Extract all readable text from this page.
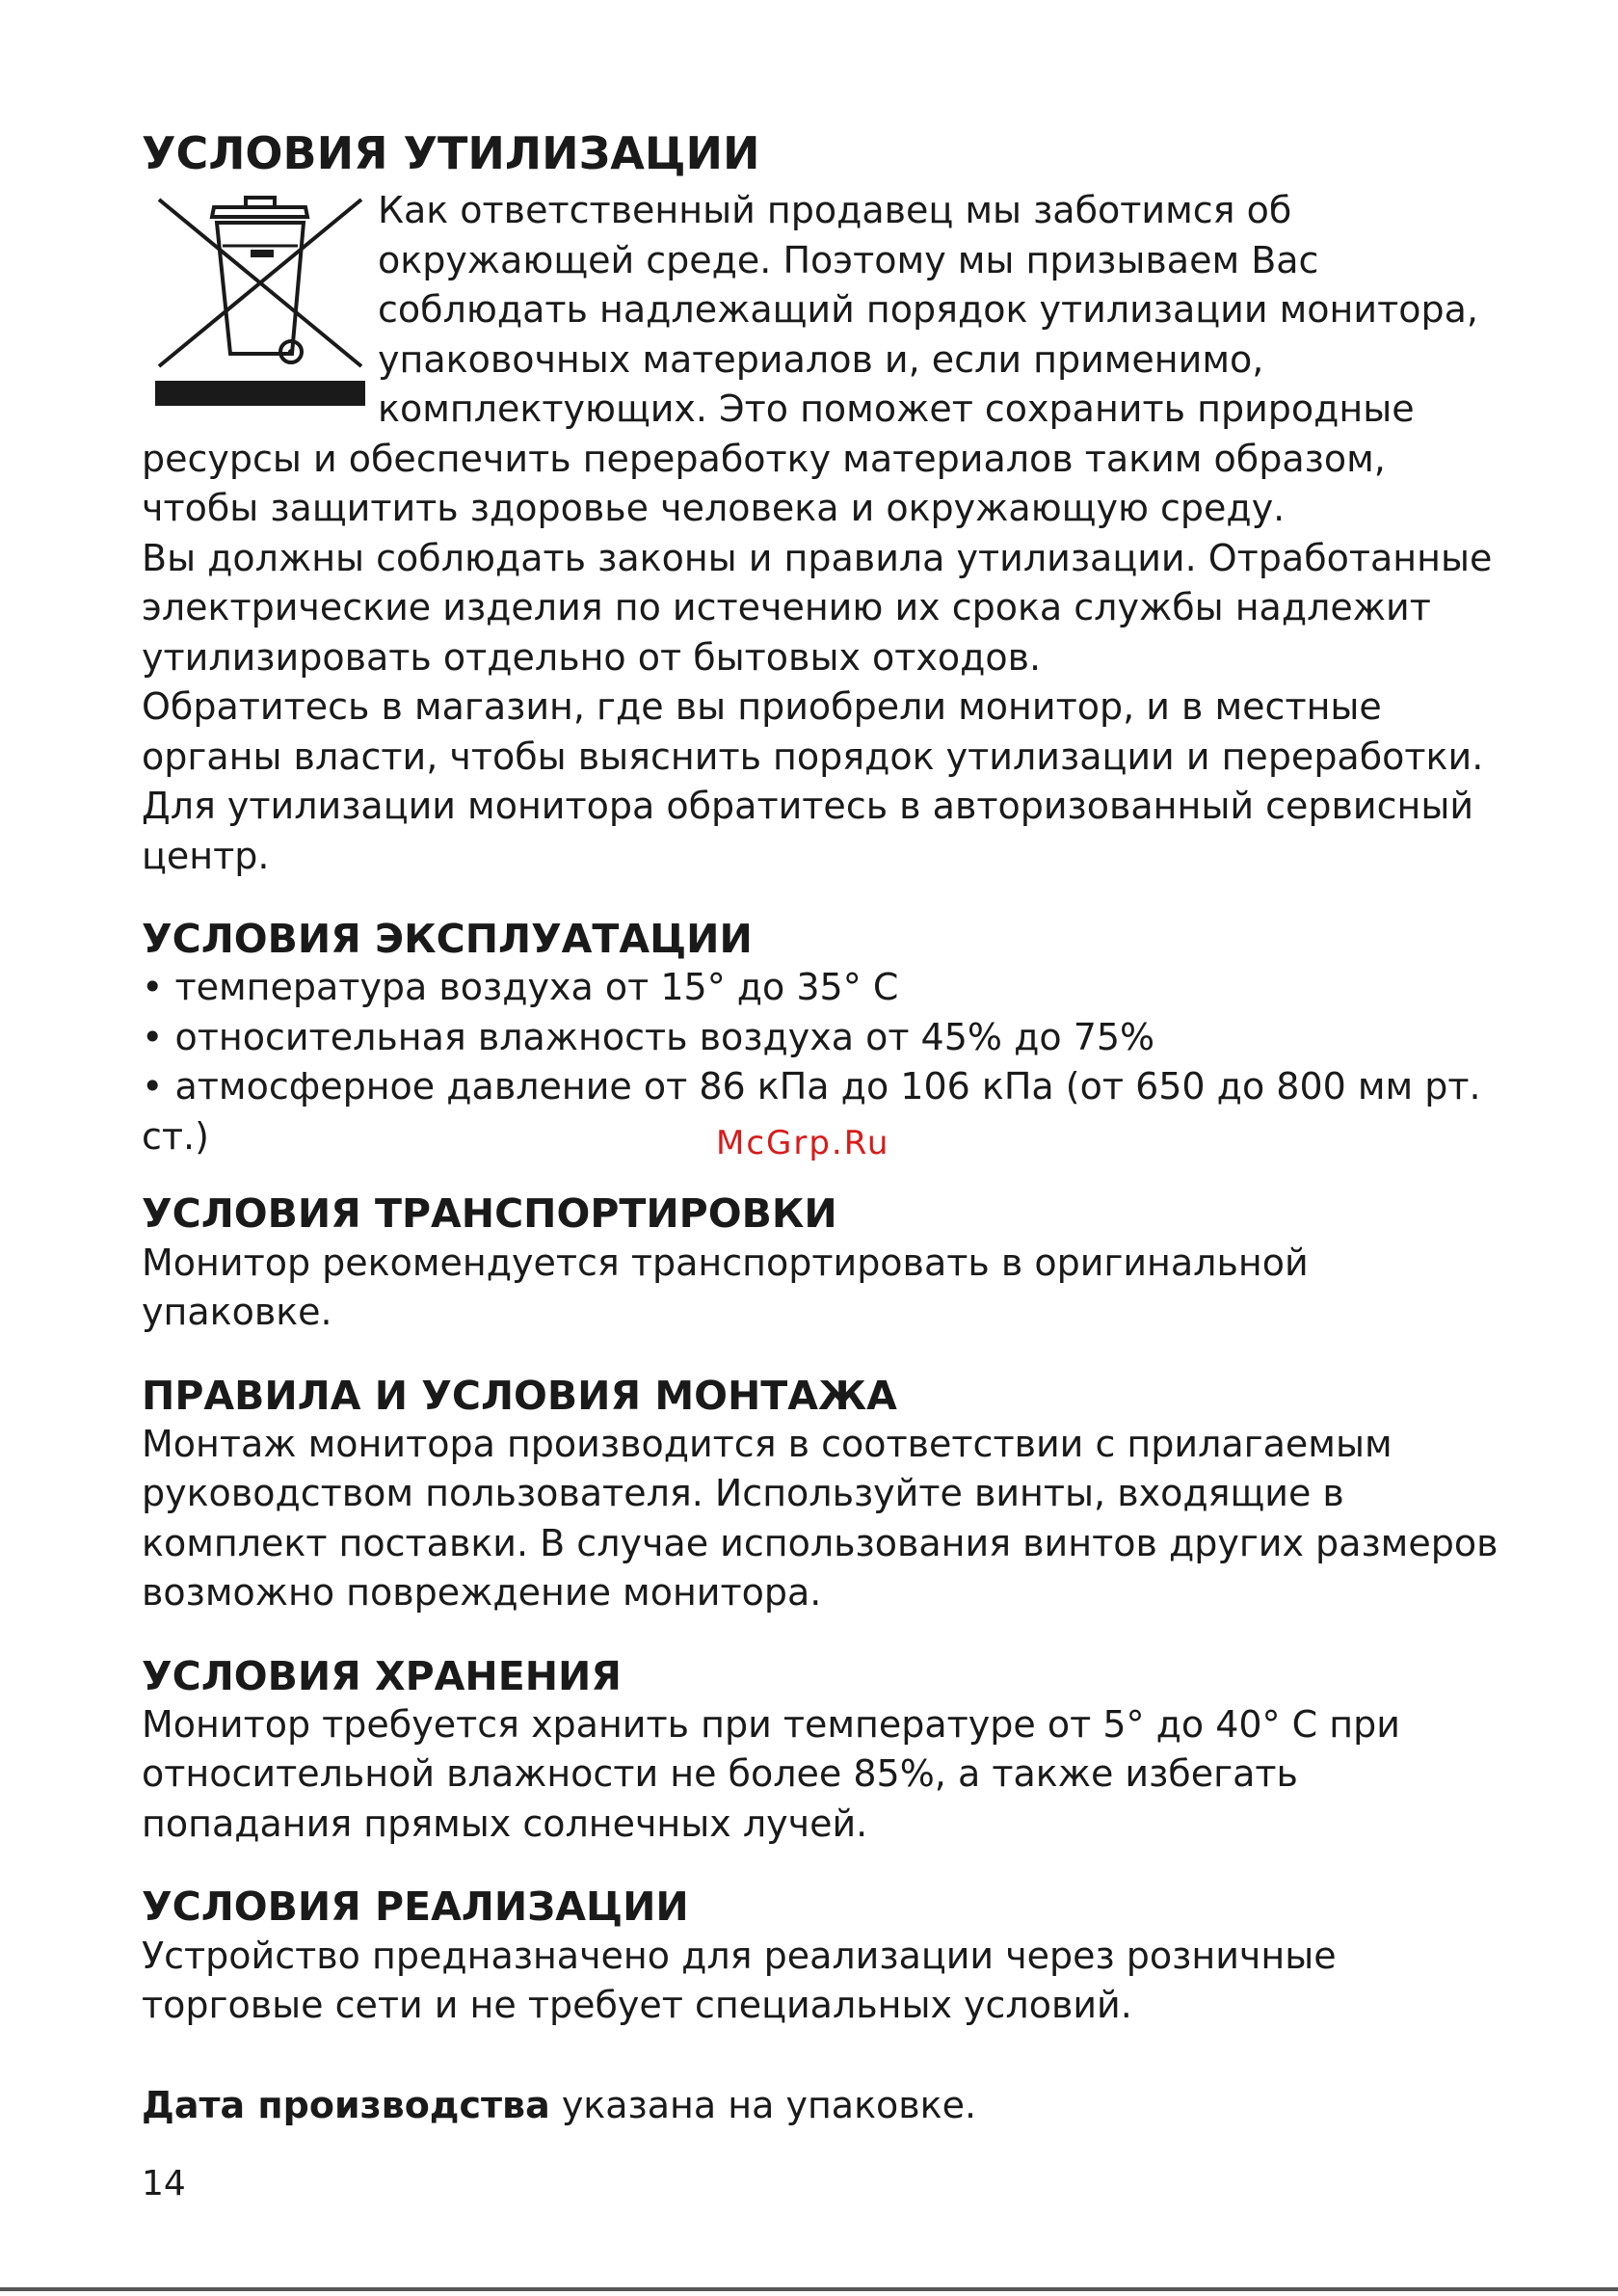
УСЛОВИЯ УТИЛИЗАЦИИ

Как ответственный продавец мы заботимся об окружающей среде. Поэтому мы призываем Вас соблюдать надлежащий порядок утилизации монитора, упаковочных материалов и, если применимо, комплектующих. Это поможет сохранить природные ресурсы и обеспечить переработку материалов таким образом, чтобы защитить здоровье человека и окружающую среду.

Вы должны соблюдать законы и правила утилизации. Отработанные электрические изделия по истечению их срока службы надлежит утилизировать отдельно от бытовых отходов.

Обратитесь в магазин, где вы приобрели монитор, и в местные органы власти, чтобы выяснить порядок утилизации и переработки.

Для утилизации монитора обратитесь в авторизованный сервисный центр.

УСЛОВИЯ ЭКСПЛУАТАЦИИ
• температура воздуха от 15° до 35° С
• относительная влажность воздуха от 45% до 75%
• атмосферное давление от 86 кПа до 106 кПа (от 650 до 800 мм рт. ст.)
УСЛОВИЯ ТРАНСПОРТИРОВКИ

Монитор рекомендуется транспортировать в оригинальной упаковке.

ПРАВИЛА И УСЛОВИЯ МОНТАЖА

Монтаж монитора производится в соответствии с прилагаемым руководством пользователя. Используйте винты, входящие в комплект поставки. В случае использования винтов других размеров возможно повреждение монитора.

УСЛОВИЯ ХРАНЕНИЯ

Монитор требуется хранить при температуре от 5° до 40° С при относительной влажности не более 85%, а также избегать попадания прямых солнечных лучей.

УСЛОВИЯ РЕАЛИЗАЦИИ

Устройство предназначено для реализации через розничные торговые сети и не требует специальных условий.

Дата производства указана на упаковке.
McGrp.Ru
14
